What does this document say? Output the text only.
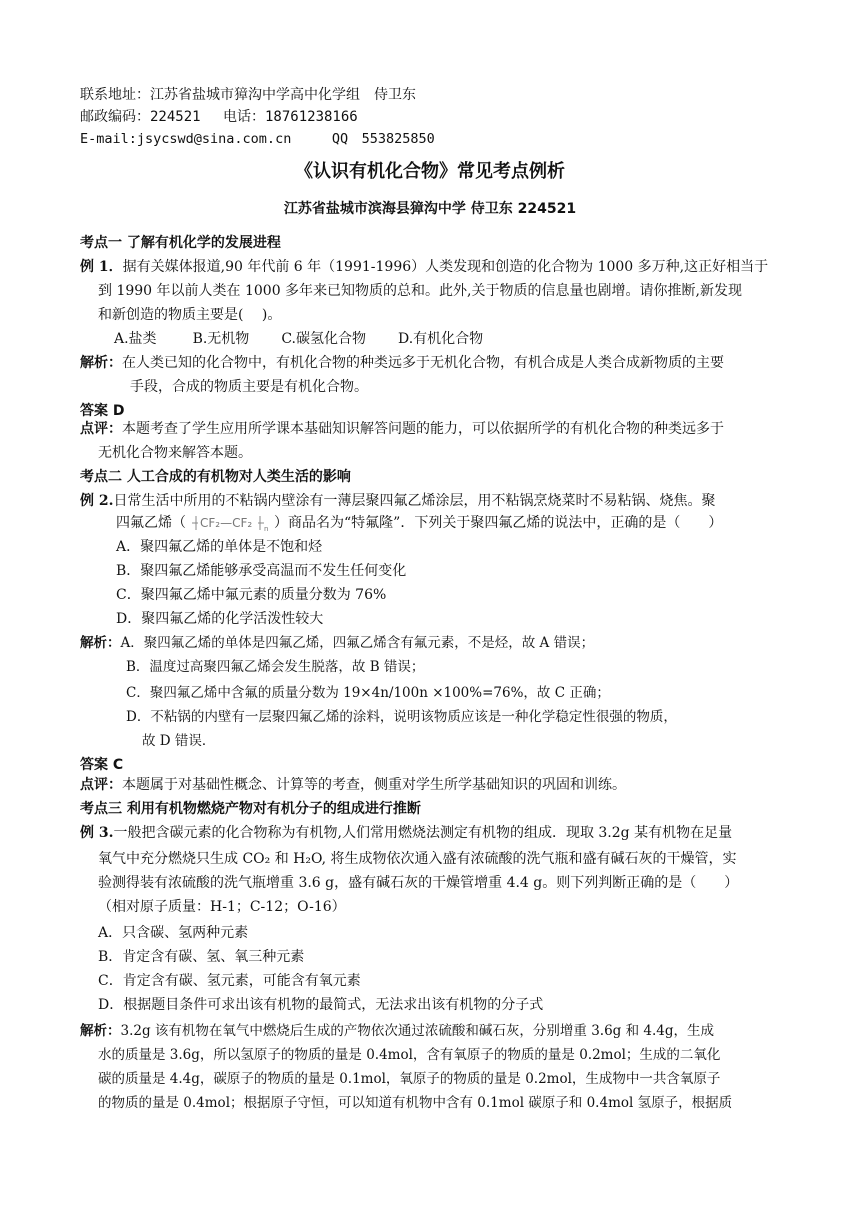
联系地址：江苏省盐城市獐沟中学高中化学组　侍卫东
邮政编码：224521　 电话：18761238166
E-mail:jsycswd@sina.com.cn　　　QQ　553825850
《认识有机化合物》常见考点例析
江苏省盐城市滨海县獐沟中学 侍卫东 224521
考点一 了解有机化学的发展进程
例 1．据有关媒体报道,90 年代前 6 年（1991-1996）人类发现和创造的化合物为 1000 多万种,这正好相当于
到 1990 年以前人类在 1000 多年来已知物质的总和。此外,关于物质的信息量也剧增。请你推断,新发现
和新创造的物质主要是(　 )。
A.盐类	B.无机物 C.碳氢化合物 D.有机化合物
解析：在人类已知的化合物中，有机化合物的种类远多于无机化合物，有机合成是人类合成新物质的主要
手段，合成的物质主要是有机化合物。
答案 D
点评：本题考查了学生应用所学课本基础知识解答问题的能力，可以依据所学的有机化合物的种类远多于
无机化合物来解答本题。
考点二 人工合成的有机物对人类生活的影响
例 2.日常生活中所用的不粘锅内壁涂有一薄层聚四氟乙烯涂层，用不粘锅烹烧菜时不易粘锅、烧焦。聚
四氟乙烯（ CF₂—CF₂ n ）商品名为“特氟隆”．下列关于聚四氟乙烯的说法中，正确的是（　　）
A．聚四氟乙烯的单体是不饱和烃
B．聚四氟乙烯能够承受高温而不发生任何变化
C．聚四氟乙烯中氟元素的质量分数为 76%
D．聚四氟乙烯的化学活泼性较大
解析：A．聚四氟乙烯的单体是四氟乙烯，四氟乙烯含有氟元素，不是烃，故 A 错误；
B．温度过高聚四氟乙烯会发生脱落，故 B 错误；
C．聚四氟乙烯中含氟的质量分数为 19×4n/100n ×100%=76%，故 C 正确；
D．不粘锅的内壁有一层聚四氟乙烯的涂料，说明该物质应该是一种化学稳定性很强的物质，
故 D 错误．
答案 C
点评：本题属于对基础性概念、计算等的考查，侧重对学生所学基础知识的巩固和训练。
考点三 利用有机物燃烧产物对有机分子的组成进行推断
例 3.一般把含碳元素的化合物称为有机物,人们常用燃烧法测定有机物的组成．现取 3.2g 某有机物在足量
氧气中充分燃烧只生成 CO₂ 和 H₂O, 将生成物依次通入盛有浓硫酸的洗气瓶和盛有碱石灰的干燥管，实
验测得装有浓硫酸的洗气瓶增重 3.6 g，盛有碱石灰的干燥管增重 4.4 g。则下列判断正确的是（　　）
（相对原子质量：H-1；C-12；O-16）
A．只含碳、氢两种元素
B．肯定含有碳、氢、氧三种元素
C．肯定含有碳、氢元素，可能含有氧元素
D．根据题目条件可求出该有机物的最简式，无法求出该有机物的分子式
解析：3.2g 该有机物在氧气中燃烧后生成的产物依次通过浓硫酸和碱石灰，分别增重 3.6g 和 4.4g，生成
水的质量是 3.6g，所以氢原子的物质的量是 0.4mol，含有氧原子的物质的量是 0.2mol；生成的二氧化
碳的质量是 4.4g，碳原子的物质的量是 0.1mol，氧原子的物质的量是 0.2mol，生成物中一共含氧原子
的物质的量是 0.4mol；根据原子守恒，可以知道有机物中含有 0.1mol 碳原子和 0.4mol 氢原子，根据质
